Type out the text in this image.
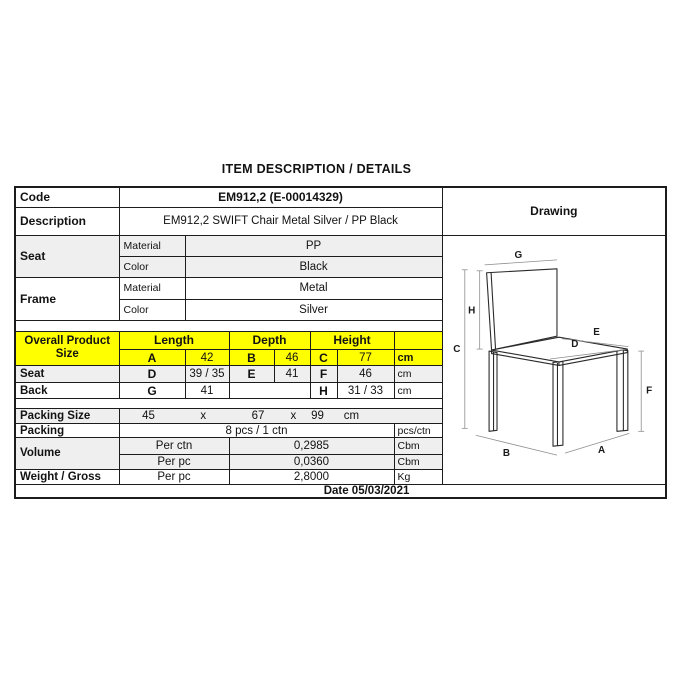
ITEM DESCRIPTION / DETAILS
Code	EM912,2 (E-00014329)							Drawing
Description	EM912,2 SWIFT Chair Metal Silver / PP Black							
Seat	Material	PP	
G
H
C
E
D
F
B	A

	Color	Black						
Frame	Material	Metal						
	Color	Silver						

Overall Product Size	Length		Depth		Height			
	A	42	B	46	C	77	cm	
Seat	D	39 / 35	E	41	F	46	cm	
Back	G	41			H	31 / 33	cm	

Packing Size	45	x	67 x 99 cm

Packing	8 pcs / 1 ctn						pcs/ctn	
Volume	Per ctn		0,2985				Cbm	
	Per pc		0,0360				Cbm	
Weight / Gross	Per pc		2,8000				Kg	
Date 05/03/2021								
